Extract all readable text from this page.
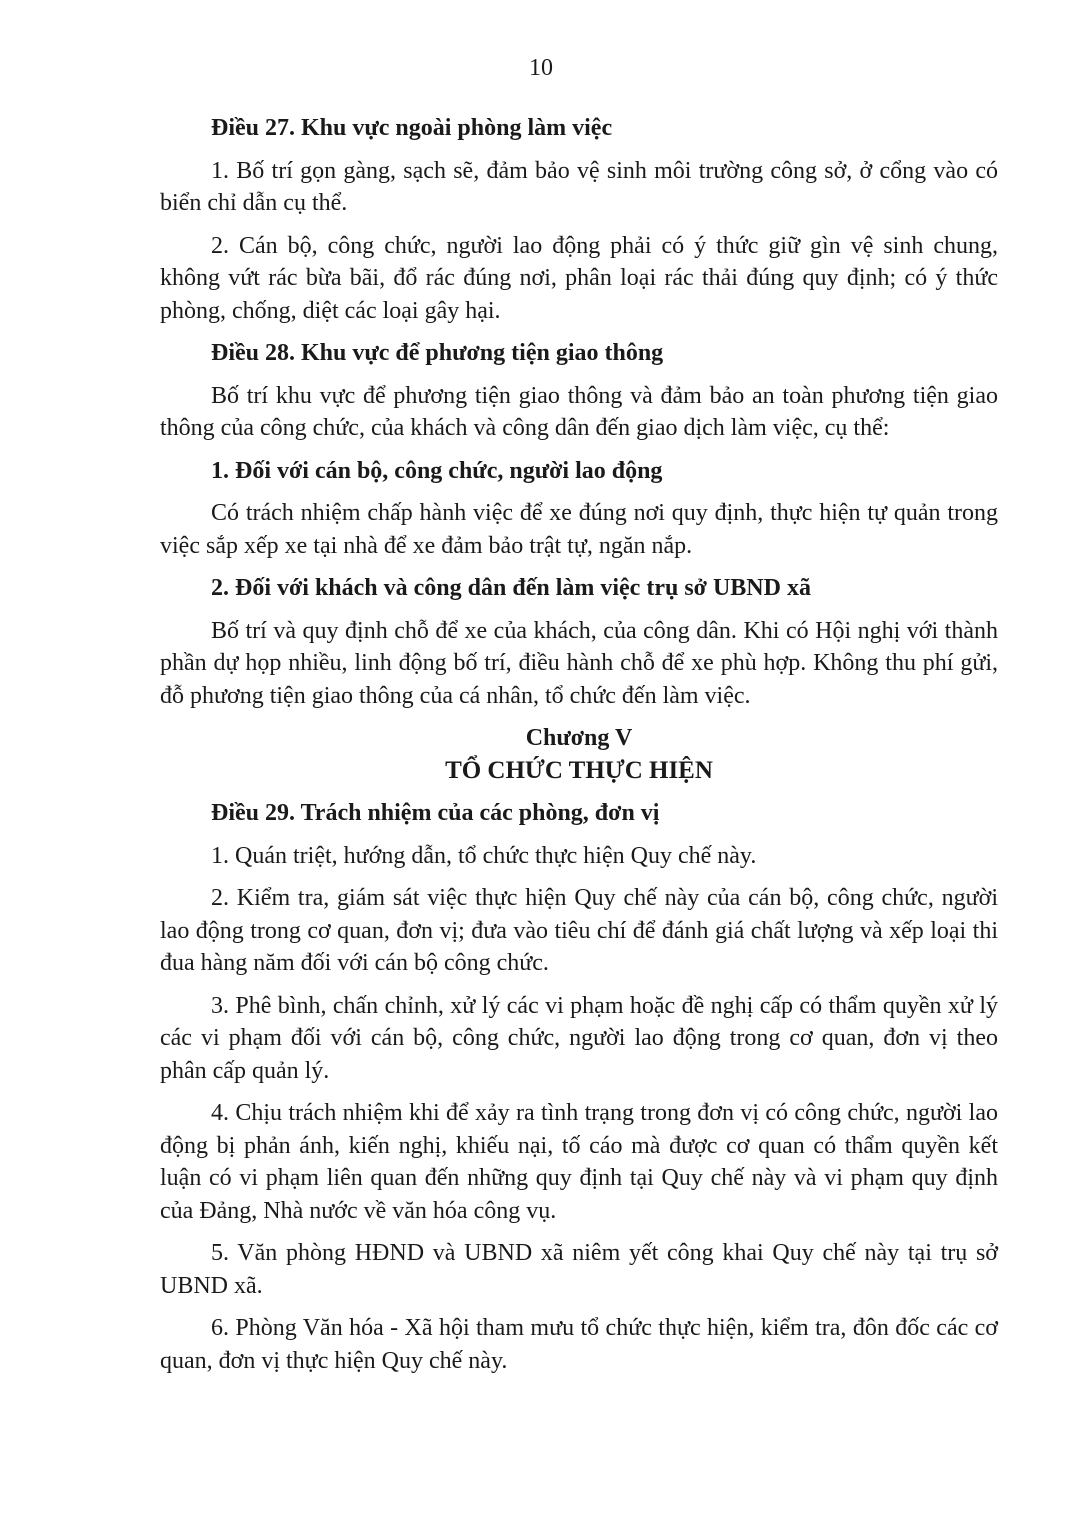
10
Điều 27. Khu vực ngoài phòng làm việc
1. Bố trí gọn gàng, sạch sẽ, đảm bảo vệ sinh môi trường công sở, ở cổng vào có biển chỉ dẫn cụ thể.
2. Cán bộ, công chức, người lao động phải có ý thức giữ gìn vệ sinh chung, không vứt rác bừa bãi, đổ rác đúng nơi, phân loại rác thải đúng quy định; có ý thức phòng, chống, diệt các loại gây hại.
Điều 28. Khu vực để phương tiện giao thông
Bố trí khu vực để phương tiện giao thông và đảm bảo an toàn phương tiện giao thông của công chức, của khách và công dân đến giao dịch làm việc, cụ thể:
1. Đối với cán bộ, công chức, người lao động
Có trách nhiệm chấp hành việc để xe đúng nơi quy định, thực hiện tự quản trong việc sắp xếp xe tại nhà để xe đảm bảo trật tự, ngăn nắp.
2. Đối với khách và công dân đến làm việc trụ sở UBND xã
Bố trí và quy định chỗ để xe của khách, của công dân. Khi có Hội nghị với thành phần dự họp nhiều, linh động bố trí, điều hành chỗ để xe phù hợp. Không thu phí gửi, đỗ phương tiện giao thông của cá nhân, tổ chức đến làm việc.
Chương V
TỔ CHỨC THỰC HIỆN
Điều 29. Trách nhiệm của các phòng, đơn vị
1. Quán triệt, hướng dẫn, tổ chức thực hiện Quy chế này.
2. Kiểm tra, giám sát việc thực hiện Quy chế này của cán bộ, công chức, người lao động trong cơ quan, đơn vị; đưa vào tiêu chí để đánh giá chất lượng và xếp loại thi đua hàng năm đối với cán bộ công chức.
3. Phê bình, chấn chỉnh, xử lý các vi phạm hoặc đề nghị cấp có thẩm quyền xử lý các vi phạm đối với cán bộ, công chức, người lao động trong cơ quan, đơn vị theo phân cấp quản lý.
4. Chịu trách nhiệm khi để xảy ra tình trạng trong đơn vị có công chức, người lao động bị phản ánh, kiến nghị, khiếu nại, tố cáo mà được cơ quan có thẩm quyền kết luận có vi phạm liên quan đến những quy định tại Quy chế này và vi phạm quy định của Đảng, Nhà nước về văn hóa công vụ.
5. Văn phòng HĐND và UBND xã niêm yết công khai Quy chế này tại trụ sở UBND xã.
6. Phòng Văn hóa - Xã hội tham mưu tổ chức thực hiện, kiểm tra, đôn đốc các cơ quan, đơn vị thực hiện Quy chế này.
